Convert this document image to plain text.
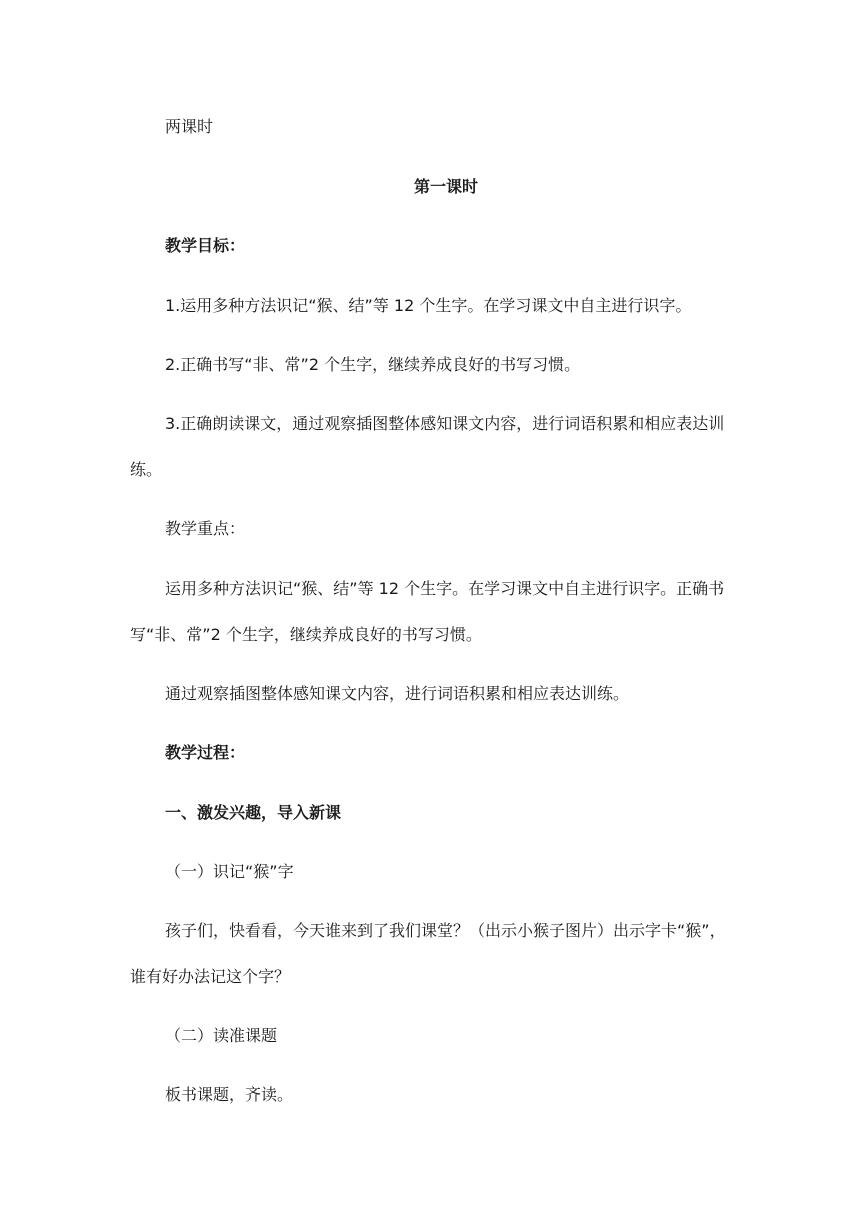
两课时

第一课时

教学目标：

1.运用多种方法识记“猴、结”等 12 个生字。在学习课文中自主进行识字。

2.正确书写“非、常”2 个生字，继续养成良好的书写习惯。

3.正确朗读课文，通过观察插图整体感知课文内容，进行词语积累和相应表达训练。

教学重点：

运用多种方法识记“猴、结”等 12 个生字。在学习课文中自主进行识字。正确书写“非、常”2 个生字，继续养成良好的书写习惯。

通过观察插图整体感知课文内容，进行词语积累和相应表达训练。

教学过程：

一、激发兴趣，导入新课

（一）识记“猴”字

孩子们，快看看，今天谁来到了我们课堂？（出示小猴子图片）出示字卡“猴”，谁有好办法记这个字？

（二）读准课题

板书课题，齐读。
